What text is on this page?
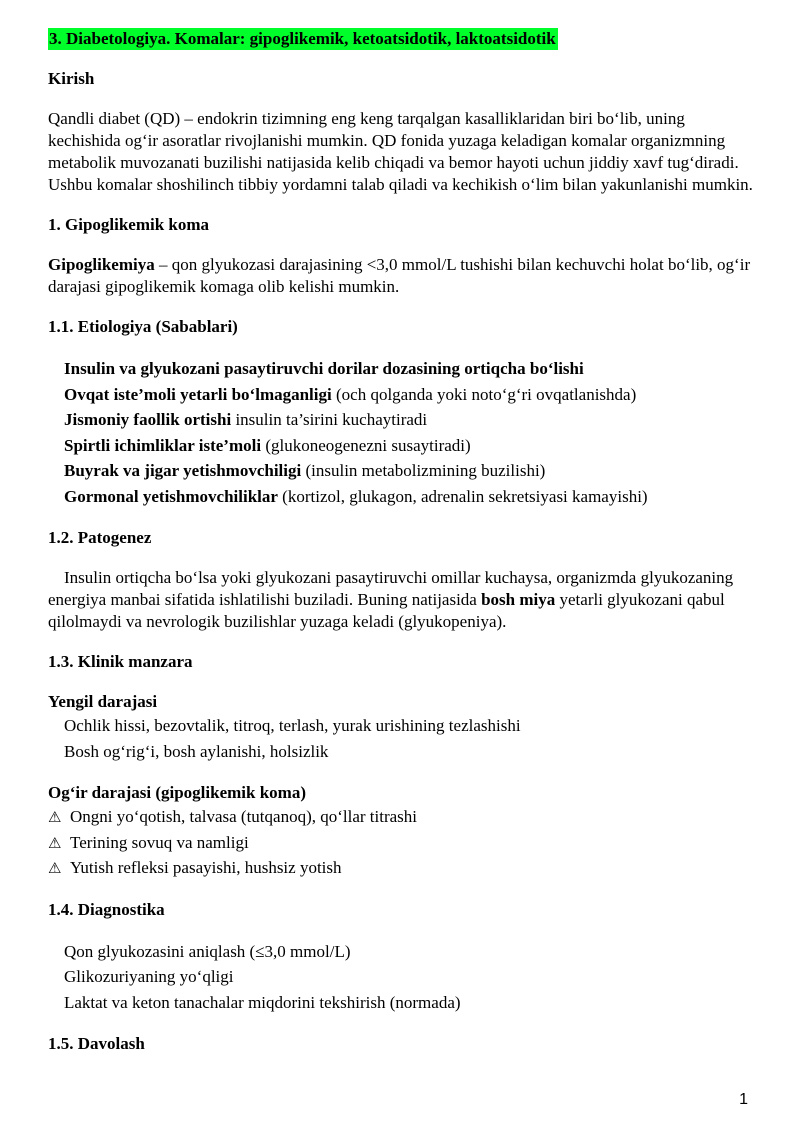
3. Diabetologiya. Komalar: gipoglikemik, ketoatsidotik, laktoatsidotik

Kirish

Qandli diabet (QD) – endokrin tizimning eng keng tarqalgan kasalliklaridan biri bo‘lib, uning kechishida og‘ir asoratlar rivojlanishi mumkin. QD fonida yuzaga keladigan komalar organizmning metabolik muvozanati buzilishi natijasida kelib chiqadi va bemor hayoti uchun jiddiy xavf tug‘diradi. Ushbu komalar shoshilinch tibbiy yordamni talab qiladi va kechikish o‘lim bilan yakunlanishi mumkin.

1. Gipoglikemik koma

Gipoglikemiya – qon glyukozasi darajasining <3,0 mmol/L tushishi bilan kechuvchi holat bo‘lib, og‘ir darajasi gipoglikemik komaga olib kelishi mumkin.

1.1. Etiologiya (Sabablari)

Insulin va glyukozani pasaytiruvchi dorilar dozasining ortiqcha bo‘lishi
Ovqat iste’moli yetarli bo‘lmaganligi (och qolganda yoki noto‘g‘ri ovqatlanishda)
Jismoniy faollik ortishi insulin ta’sirini kuchaytiradi
Spirtli ichimliklar iste’moli (glukoneogenezni susaytiradi)
Buyrak va jigar yetishmovchiligi (insulin metabolizmining buzilishi)
Gormonal yetishmovchiliklar (kortizol, glukagon, adrenalin sekretsiyasi kamayishi)

1.2. Patogenez

Insulin ortiqcha bo‘lsa yoki glyukozani pasaytiruvchi omillar kuchaysa, organizmda glyukozaning energiya manbai sifatida ishlatilishi buziladi. Buning natijasida bosh miya yetarli glyukozani qabul qilolmaydi va nevrologik buzilishlar yuzaga keladi (glyukopeniya).

1.3. Klinik manzara

Yengil darajasi

Ochlik hissi, bezovtalik, titroq, terlash, yurak urishining tezlashishi
Bosh og‘rig‘i, bosh aylanishi, holsizlik

Og‘ir darajasi (gipoglikemik koma)

⚠ Ongni yo‘qotish, talvasa (tutqanoq), qo‘llar titrashi
⚠ Terining sovuq va namligi
⚠ Yutish refleksi pasayishi, hushsiz yotish

1.4. Diagnostika

Qon glyukozasini aniqlash (≤3,0 mmol/L)
Glikozuriyaning yo‘qligi
Laktat va keton tanachalar miqdorini tekshirish (normada)

1.5. Davolash

1
